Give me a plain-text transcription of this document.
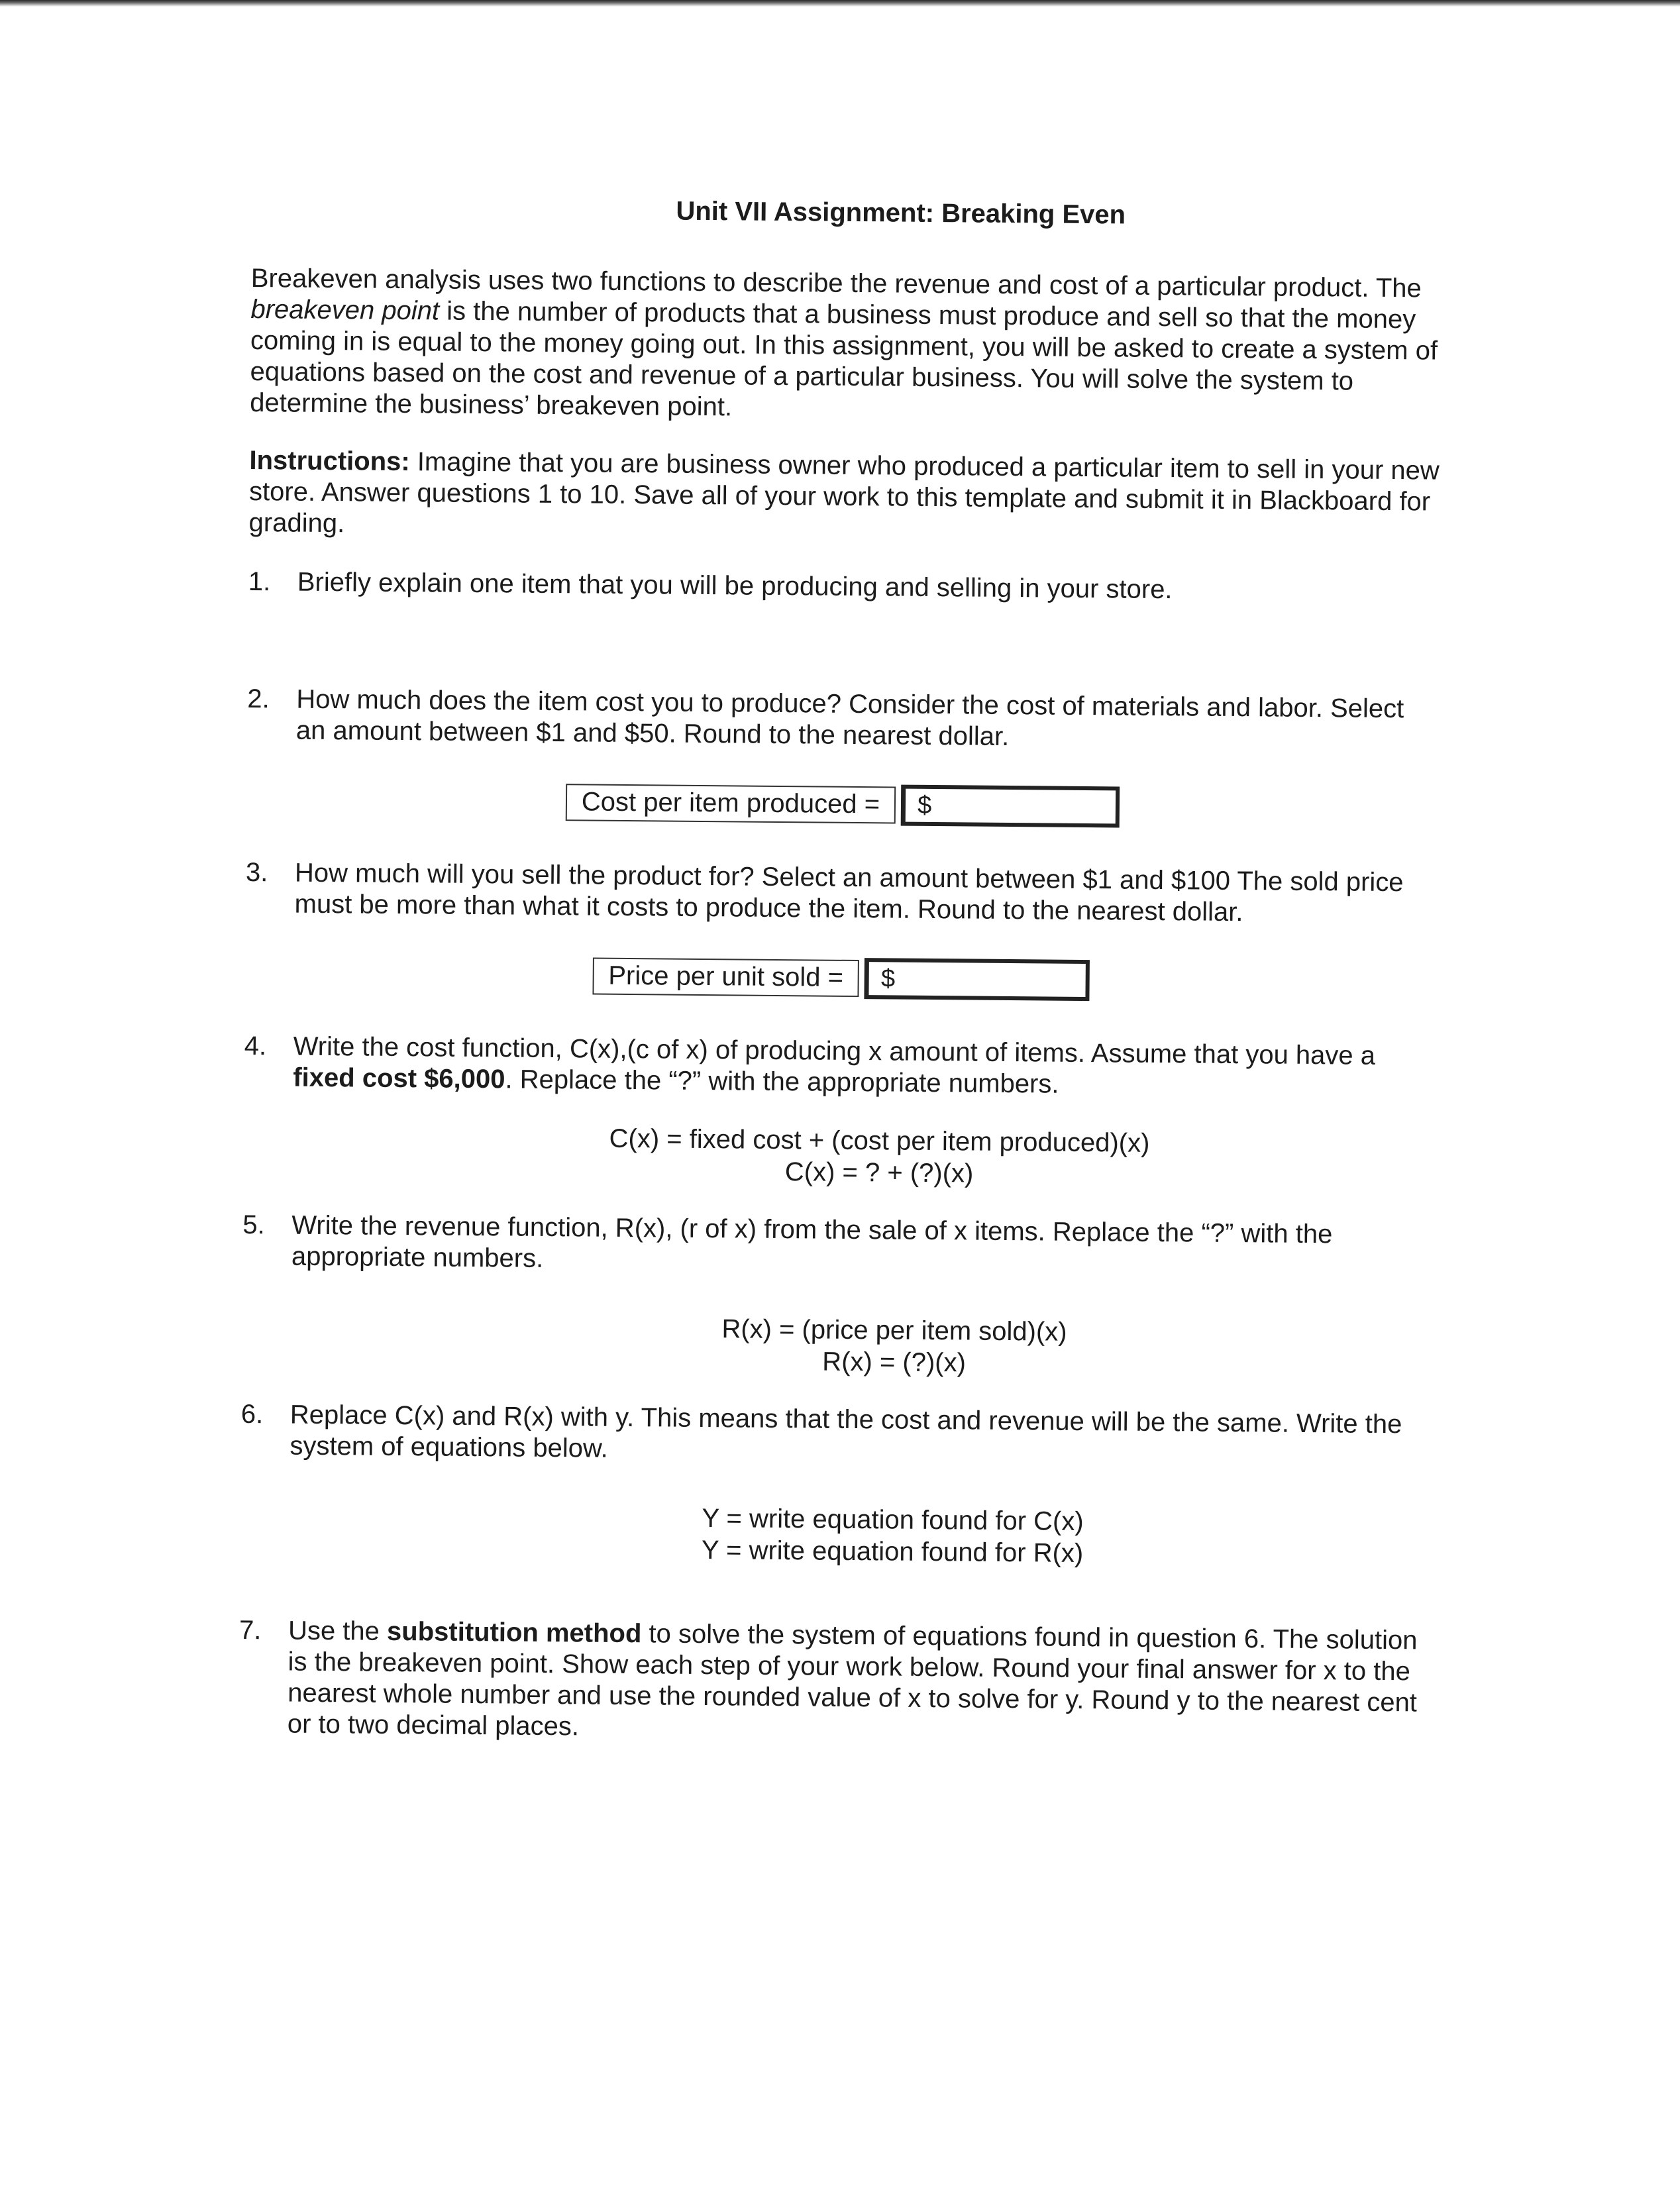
Unit VII Assignment: Breaking Even

Breakeven analysis uses two functions to describe the revenue and cost of a particular product. The breakeven point is the number of products that a business must produce and sell so that the money coming in is equal to the money going out. In this assignment, you will be asked to create a system of equations based on the cost and revenue of a particular business. You will solve the system to determine the business’ breakeven point.

Instructions: Imagine that you are business owner who produced a particular item to sell in your new store. Answer questions 1 to 10. Save all of your work to this template and submit it in Blackboard for grading.

1.	Briefly explain one item that you will be producing and selling in your store.
2.	How much does the item cost you to produce? Consider the cost of materials and labor. Select an amount between $1 and $50. Round to the nearest dollar.
Cost per item produced =	$
3.	How much will you sell the product for? Select an amount between $1 and $100 The sold price must be more than what it costs to produce the item. Round to the nearest dollar.
Price per unit sold =	$
4.	Write the cost function, C(x),(c of x) of producing x amount of items. Assume that you have a fixed cost $6,000. Replace the “?” with the appropriate numbers.
C(x) = fixed cost + (cost per item produced)(x)
C(x) = ? + (?)(x)
5.	Write the revenue function, R(x), (r of x) from the sale of x items. Replace the “?” with the appropriate numbers.
R(x) = (price per item sold)(x)
R(x) = (?)(x)
6.	Replace C(x) and R(x) with y. This means that the cost and revenue will be the same. Write the system of equations below.
Y = write equation found for C(x)
Y = write equation found for R(x)
7.	Use the substitution method to solve the system of equations found in question 6. The solution is the breakeven point. Show each step of your work below. Round your final answer for x to the nearest whole number and use the rounded value of x to solve for y. Round y to the nearest cent or to two decimal places.
